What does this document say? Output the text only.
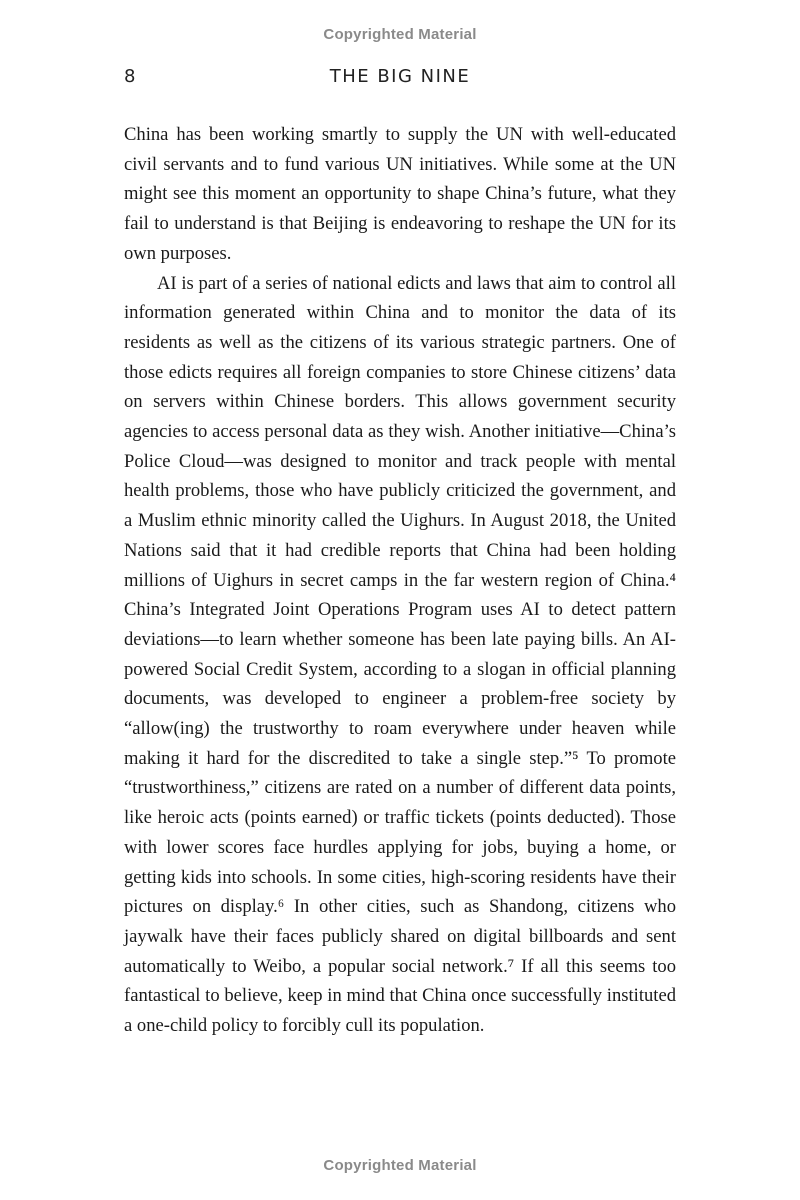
Copyrighted Material
8	THE BIG NINE

China has been working smartly to supply the UN with well-educated civil servants and to fund various UN initiatives. While some at the UN might see this moment an opportunity to shape China’s future, what they fail to understand is that Beijing is endeavoring to reshape the UN for its own purposes.

AI is part of a series of national edicts and laws that aim to control all information generated within China and to monitor the data of its residents as well as the citizens of its various strategic partners. One of those edicts requires all foreign companies to store Chinese citizens’ data on servers within Chinese borders. This allows government security agencies to access personal data as they wish. Another initiative—China’s Police Cloud—was designed to monitor and track people with mental health problems, those who have publicly criticized the government, and a Muslim ethnic minority called the Uighurs. In August 2018, the United Nations said that it had credible reports that China had been holding millions of Uighurs in secret camps in the far western region of China.⁴ China’s Integrated Joint Operations Program uses AI to detect pattern deviations—to learn whether someone has been late paying bills. An AI-powered Social Credit System, according to a slogan in official planning documents, was developed to engineer a problem-free society by “allow(ing) the trustworthy to roam everywhere under heaven while making it hard for the discredited to take a single step.”⁵ To promote “trustworthiness,” citizens are rated on a number of different data points, like heroic acts (points earned) or traffic tickets (points deducted). Those with lower scores face hurdles applying for jobs, buying a home, or getting kids into schools. In some cities, high-scoring residents have their pictures on display.⁶ In other cities, such as Shandong, citizens who jaywalk have their faces publicly shared on digital billboards and sent automatically to Weibo, a popular social network.⁷ If all this seems too fantastical to believe, keep in mind that China once successfully instituted a one-child policy to forcibly cull its population.

Copyrighted Material
